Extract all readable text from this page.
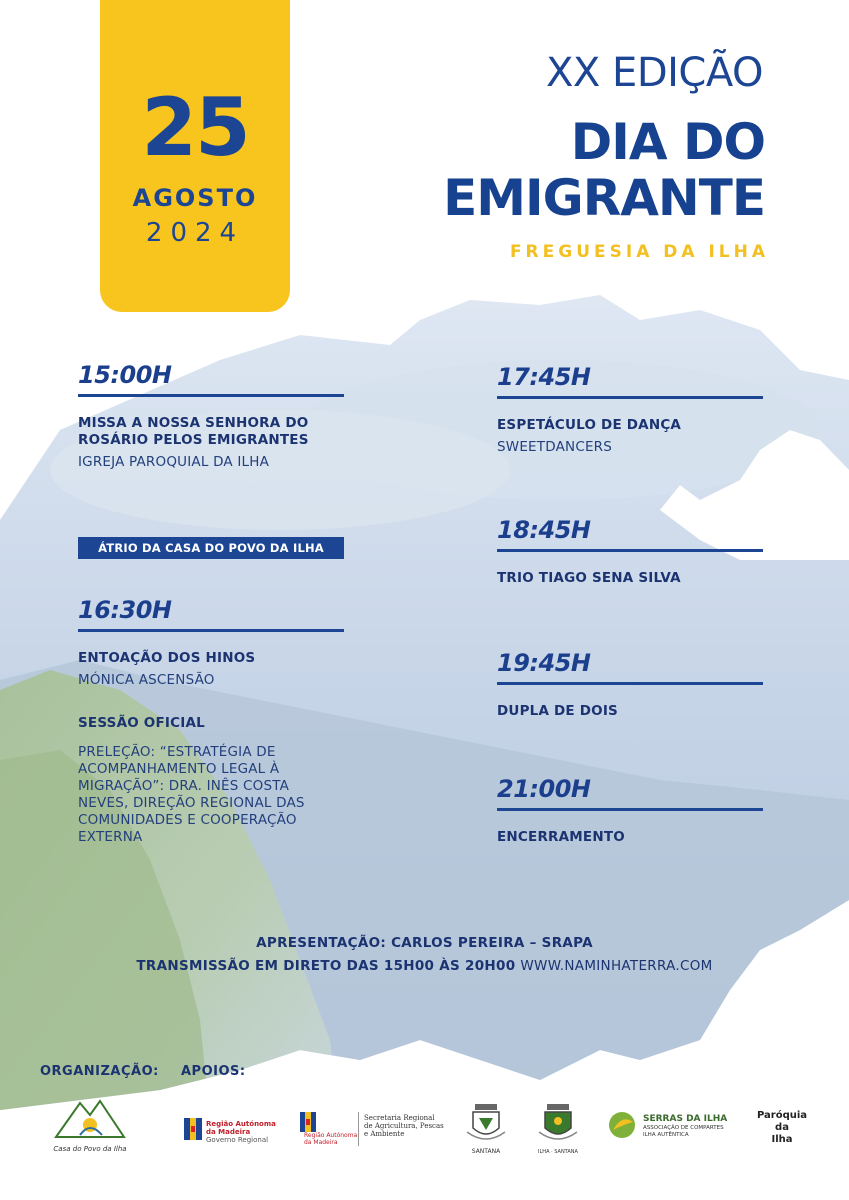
25
AGOSTO
2024
XX EDIÇÃO
DIA DO
EMIGRANTE
FREGUESIA DA ILHA
15:00H
MISSA A NOSSA SENHORA DO
ROSÁRIO PELOS EMIGRANTES
IGREJA PAROQUIAL DA ILHA
ÁTRIO DA CASA DO POVO DA ILHA
16:30H
ENTOAÇÃO DOS HINOS
MÓNICA ASCENSÃO
SESSÃO OFICIAL
PRELEÇÃO: “ESTRATÉGIA DE
ACOMPANHAMENTO LEGAL À
MIGRAÇÃO”: DRA. INÊS COSTA
NEVES, DIREÇÃO REGIONAL DAS
COMUNIDADES E COOPERAÇÃO
EXTERNA
17:45H
ESPETÁCULO DE DANÇA
SWEETDANCERS
18:45H
TRIO TIAGO SENA SILVA
19:45H
DUPLA DE DOIS
21:00H
ENCERRAMENTO
APRESENTAÇÃO: CARLOS PEREIRA – SRAPA
TRANSMISSÃO EM DIRETO DAS 15H00 ÀS 20H00 WWW.NAMINHATERRA.COM
ORGANIZAÇÃO: APOIOS:
Casa do Povo da Ilha
Região Autónoma
da Madeira
Governo Regional
Região Autónoma
da Madeira
Secretaria Regional
de Agricultura, Pescas
e Ambiente
SANTANA	ILHA · SANTANA
SERRAS DA ILHA
ASSOCIAÇÃO DE COMPARTES
ILHA AUTÊNTICA
Paróquia
da
Ilha
